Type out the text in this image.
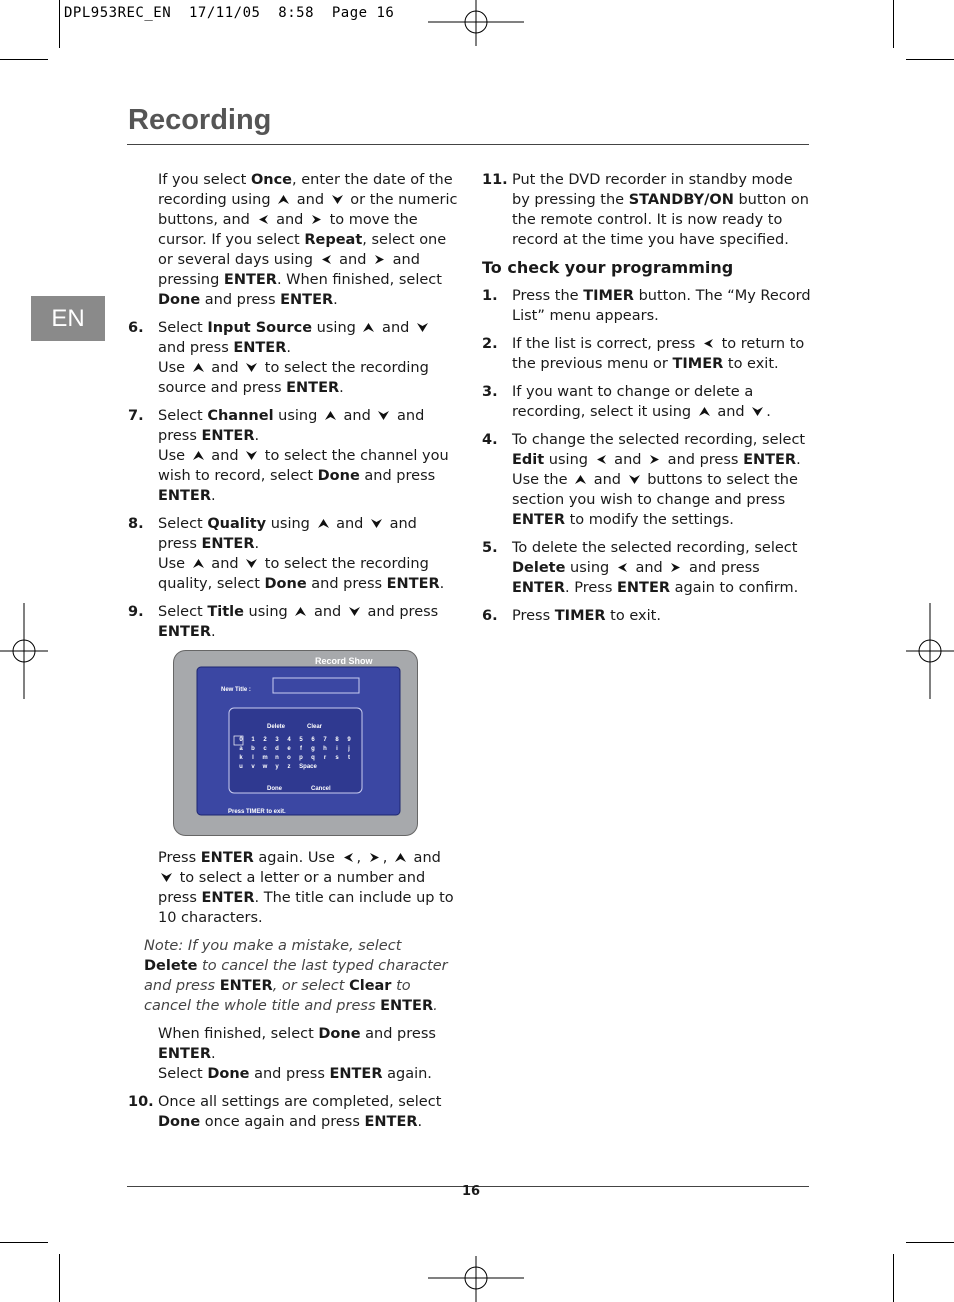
DPL953REC_EN  17/11/05  8:58  Page 16
Recording
EN
If you select Once, enter the date of the recording using
and
or the numeric buttons, and
and
to move the cursor. If you select Repeat, select one or several days using
and
and pressing ENTER. When finished, select Done and press ENTER.
6. Select Input Source using
and
and press ENTER.
Use
and
to select the recording source and press ENTER.
7. Select Channel using
and
and press ENTER.
Use
and
to select the channel you wish to record, select Done and press ENTER.
8. Select Quality using
and
and press ENTER.
Use
and
to select the recording quality, select Done and press ENTER.
9. Select Title using
and
and press ENTER.
Record Show
New Title :
Delete	Clear
0 1 2 3 4 5 6 7 8 9
a b c d e f g h i j
k l m n o p q r s t
u v w y z Space
Done	Cancel
Press TIMER to exit.
Press ENTER again. Use
,
,
and
to select a letter or a number and press ENTER. The title can include up to 10 characters.
Note: If you make a mistake, select Delete to cancel the last typed character and press ENTER, or select Clear to cancel the whole title and press ENTER.
When finished, select Done and press ENTER.
Select Done and press ENTER again.
10. Once all settings are completed, select Done once again and press ENTER.
11. Put the DVD recorder in standby mode by pressing the STANDBY/ON button on the remote control. It is now ready to record at the time you have specified.
To check your programming
1. Press the TIMER button. The “My Record List” menu appears.
2. If the list is correct, press
to return to the previous menu or TIMER to exit.
3. If you want to change or delete a recording, select it using
and
.
4. To change the selected recording, select Edit using
and
and press ENTER. Use the
and
buttons to select the section you wish to change and press ENTER to modify the settings.
5. To delete the selected recording, select Delete using
and
and press ENTER. Press ENTER again to confirm.
6. Press TIMER to exit.
16
